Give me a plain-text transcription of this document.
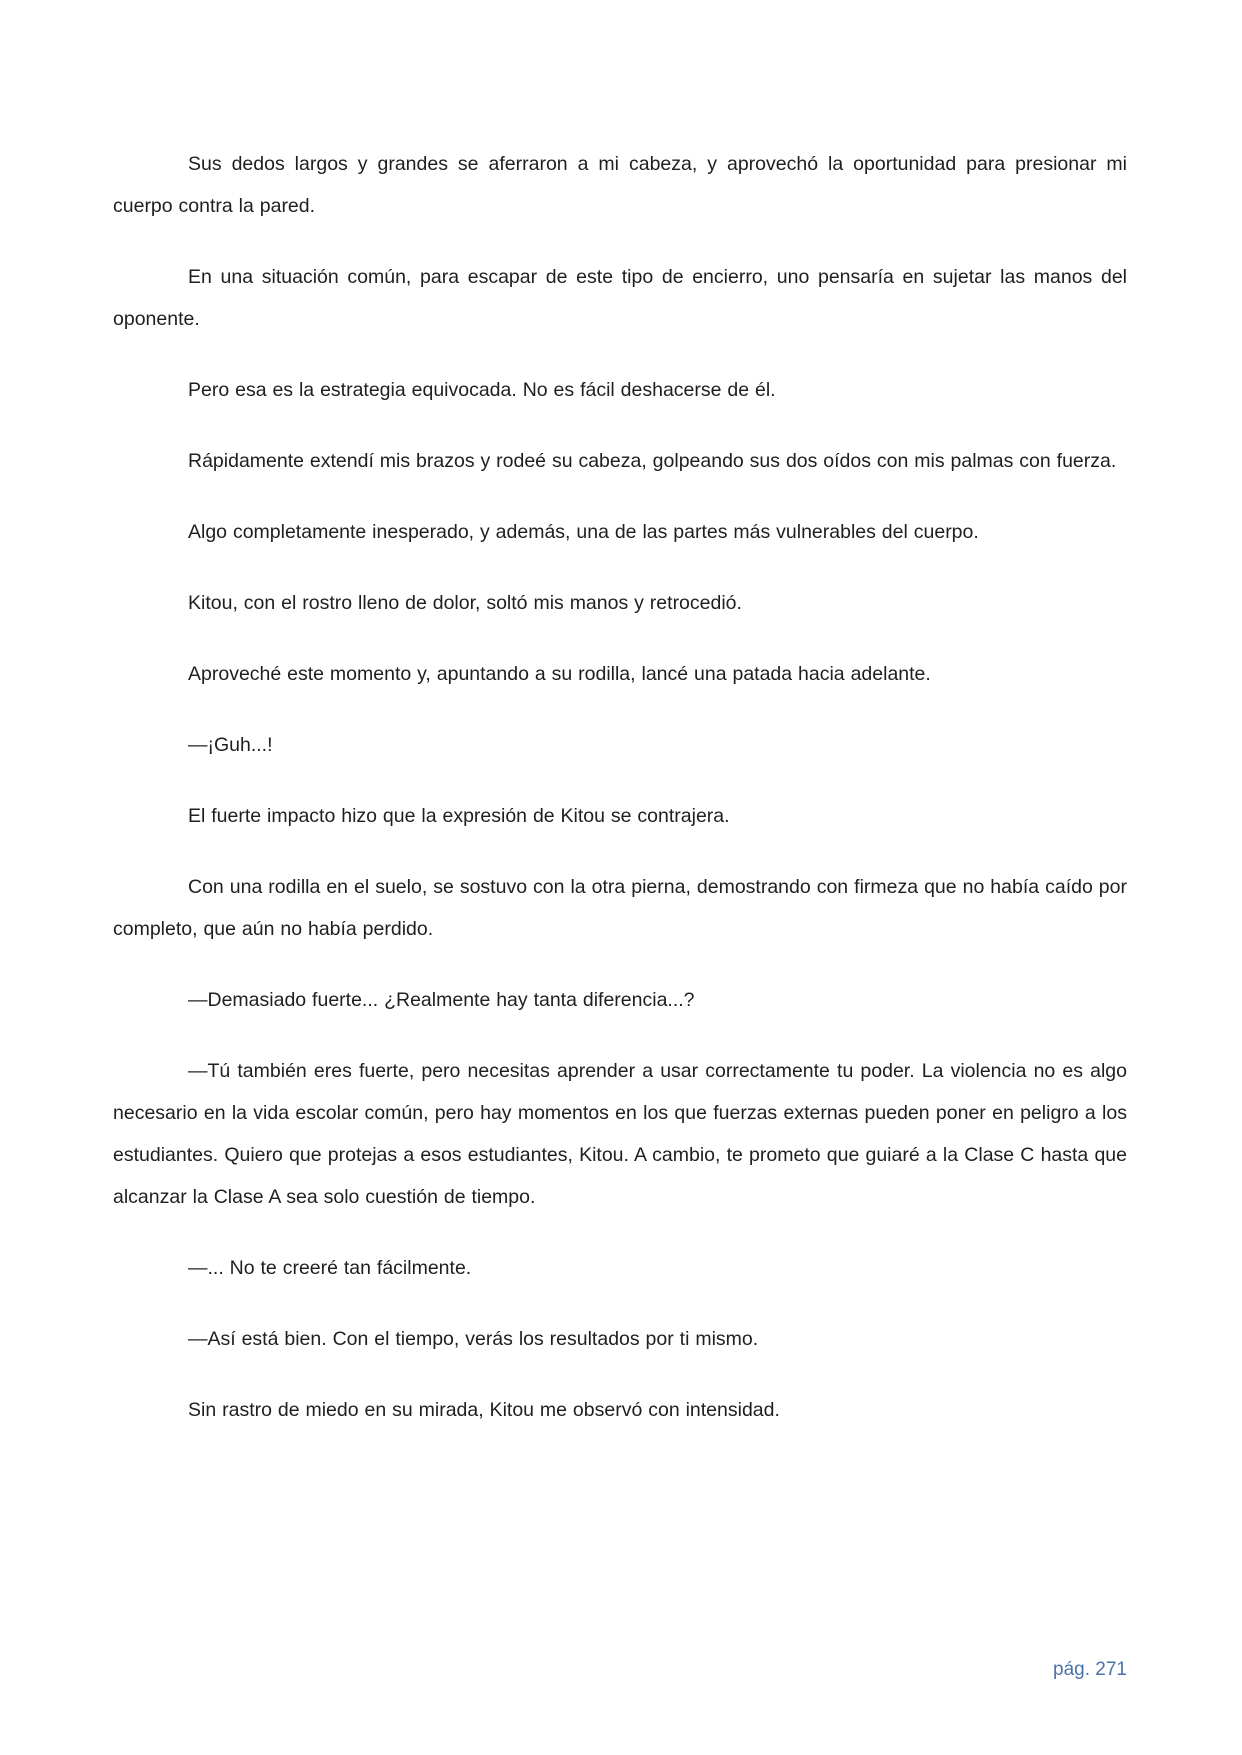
Sus dedos largos y grandes se aferraron a mi cabeza, y aprovechó la oportunidad para presionar mi cuerpo contra la pared.

En una situación común, para escapar de este tipo de encierro, uno pensaría en sujetar las manos del oponente.

Pero esa es la estrategia equivocada. No es fácil deshacerse de él.

Rápidamente extendí mis brazos y rodeé su cabeza, golpeando sus dos oídos con mis palmas con fuerza.

Algo completamente inesperado, y además, una de las partes más vulnerables del cuerpo.

Kitou, con el rostro lleno de dolor, soltó mis manos y retrocedió.

Aproveché este momento y, apuntando a su rodilla, lancé una patada hacia adelante.

—¡Guh...!

El fuerte impacto hizo que la expresión de Kitou se contrajera.

Con una rodilla en el suelo, se sostuvo con la otra pierna, demostrando con firmeza que no había caído por completo, que aún no había perdido.

—Demasiado fuerte... ¿Realmente hay tanta diferencia...?

—Tú también eres fuerte, pero necesitas aprender a usar correctamente tu poder. La violencia no es algo necesario en la vida escolar común, pero hay momentos en los que fuerzas externas pueden poner en peligro a los estudiantes. Quiero que protejas a esos estudiantes, Kitou. A cambio, te prometo que guiaré a la Clase C hasta que alcanzar la Clase A sea solo cuestión de tiempo.

—... No te creeré tan fácilmente.

—Así está bien. Con el tiempo, verás los resultados por ti mismo.

Sin rastro de miedo en su mirada, Kitou me observó con intensidad.

pág. 271
